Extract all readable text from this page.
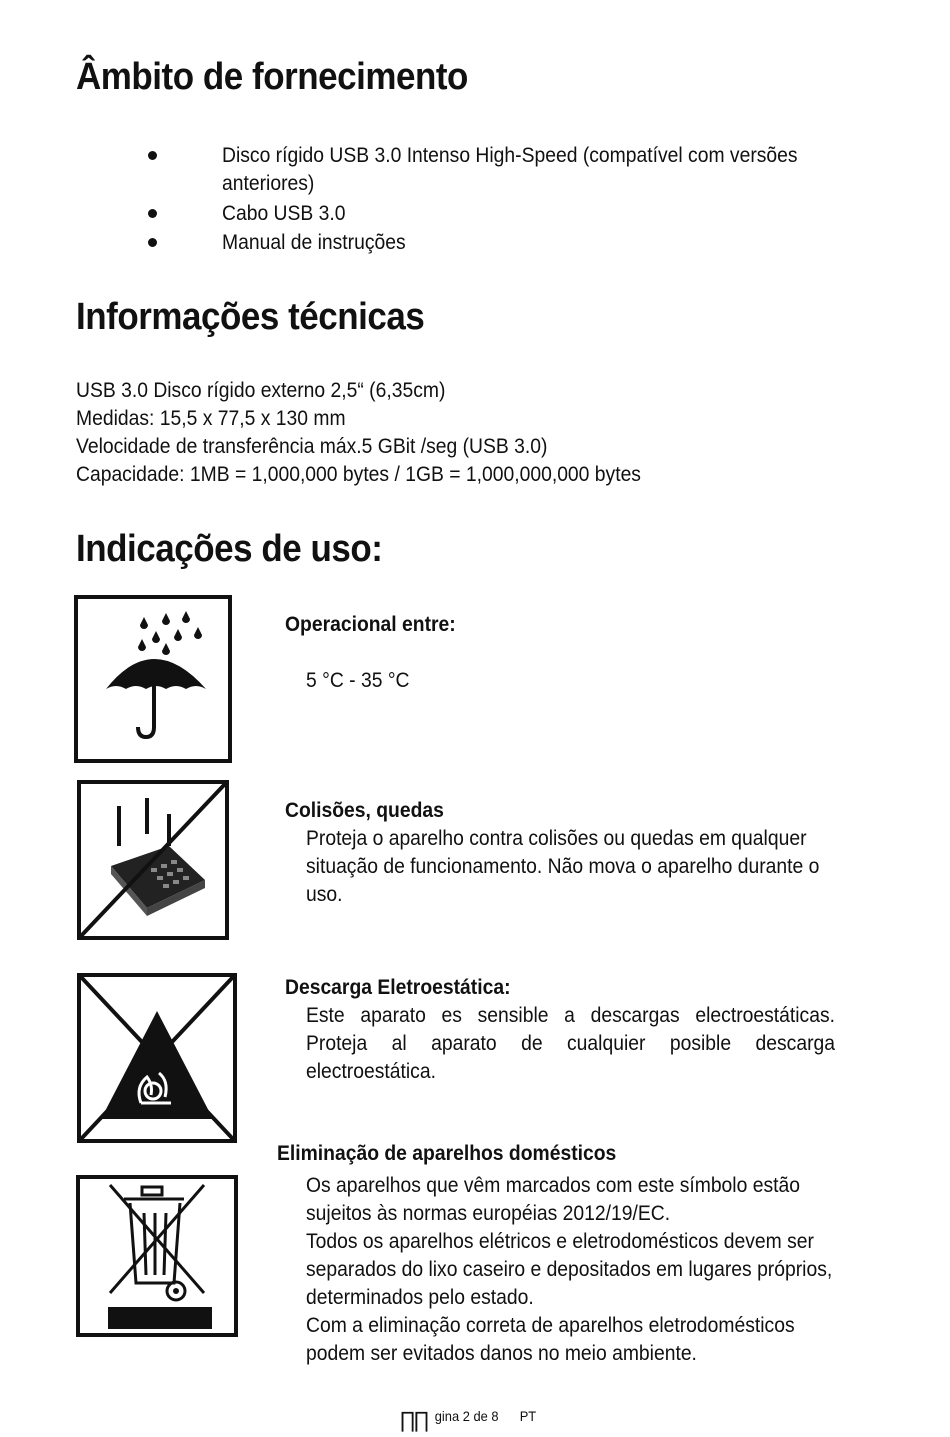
Âmbito de fornecimento
Disco rígido USB 3.0 Intenso High-Speed (compatível com versões anteriores)
Cabo USB 3.0
Manual de instruções
Informações técnicas
USB 3.0 Disco rígido externo 2,5“ (6,35cm)
Medidas: 15,5 x 77,5 x 130 mm
Velocidade de transferência máx.5 GBit /seg (USB 3.0)
Capacidade: 1MB = 1,000,000 bytes / 1GB = 1,000,000,000 bytes
Indicações de uso:
Operacional entre:
5 °C - 35 °C
Colisões, quedas
Proteja o aparelho contra colisões ou quedas em qualquer situação de funcionamento. Não mova o aparelho durante o uso.
Descarga Eletroestática:
Este aparato es sensible a descargas electroestáticas. Proteja al aparato de cualquier posible descarga electroestática.
Eliminação de aparelhos domésticos
Os aparelhos que vêm marcados com este símbolo estão sujeitos às normas européias 2012/19/EC.
Todos os aparelhos elétricos e eletrodomésticos devem ser separados do lixo caseiro e depositados em lugares próprios, determinados pelo estado.
Com a eliminação correta de aparelhos eletrodomésticos podem ser evitados danos no meio ambiente.
∏∏ gina 2 de 8 PT
